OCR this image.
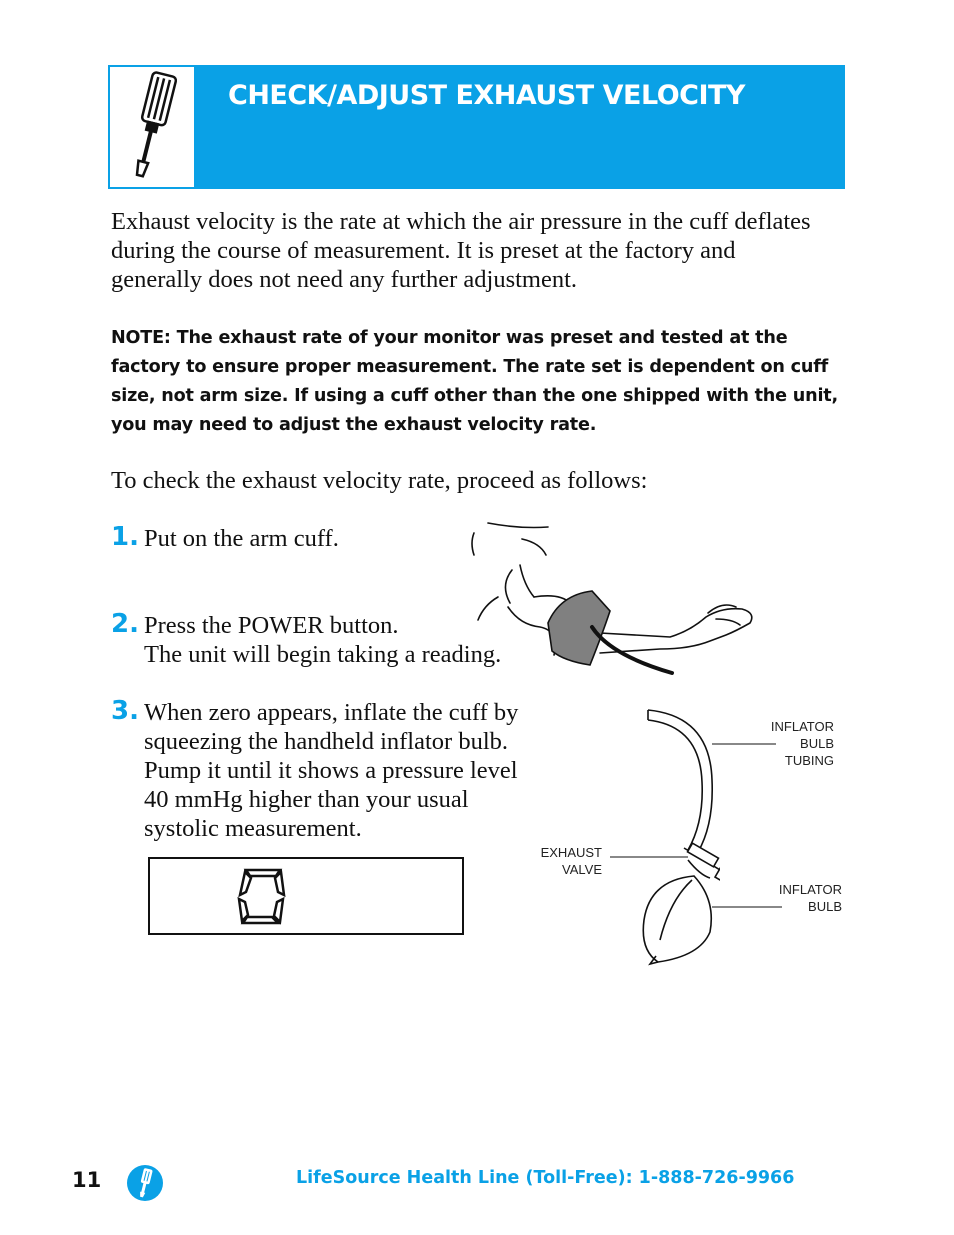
CHECK/ADJUST EXHAUST VELOCITY
Exhaust velocity is the rate at which the air pressure in the cuff deflates during the course of measurement. It is preset at the factory and generally does not need any further adjustment.
NOTE: The exhaust rate of your monitor was preset and tested at the factory to ensure proper measurement. The rate set is dependent on cuff size, not arm size. If using a cuff other than the one shipped with the unit, you may need to adjust the exhaust velocity rate.
To check the exhaust velocity rate, proceed as follows:
1. Put on the arm cuff.
2. Press the POWER button.
The unit will begin taking a reading.
3. When zero appears, inflate the cuff by
squeezing the handheld inflator bulb.
Pump it until it shows a pressure level
40 mmHg higher than your usual
systolic measurement.
INFLATOR
BULB
TUBING
EXHAUST
VALVE
INFLATOR
BULB
11	LifeSource Health Line (Toll-Free): 1-888-726-9966
